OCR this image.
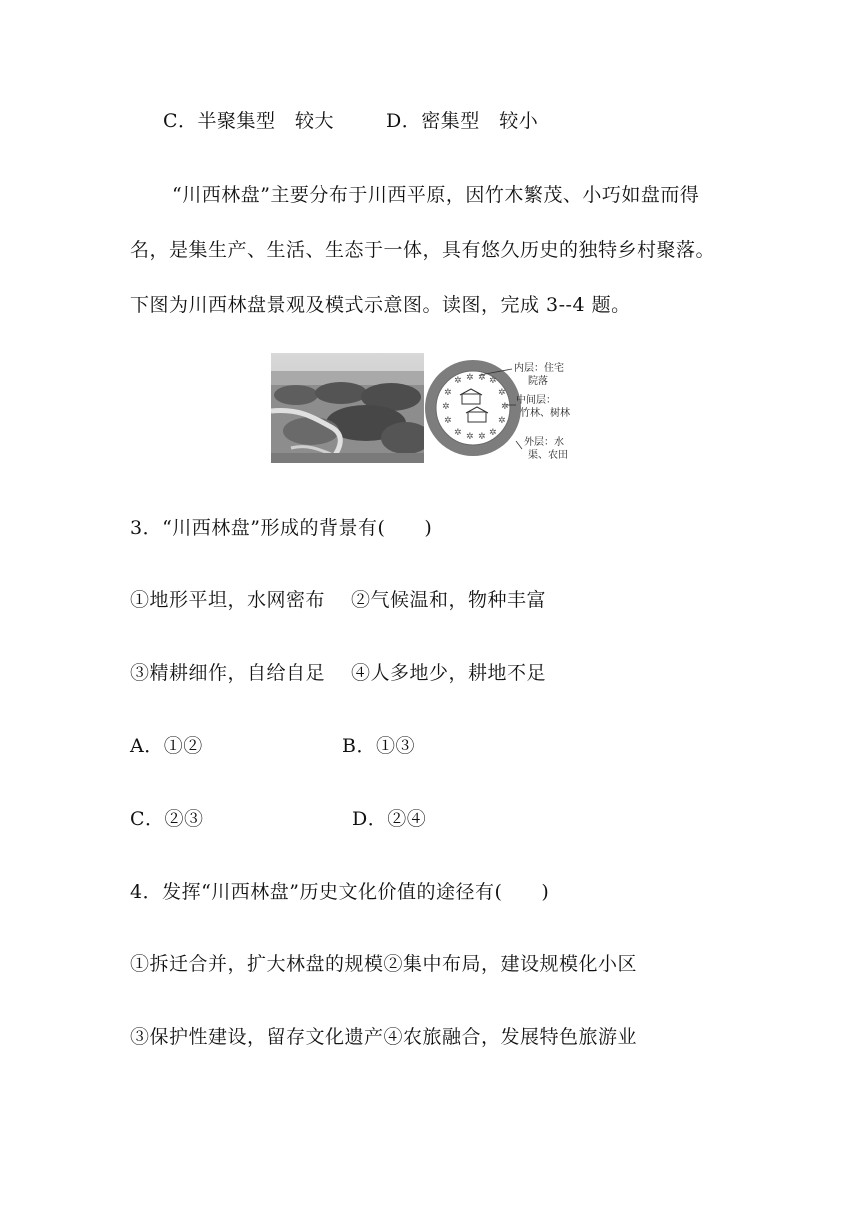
C．半聚集型　较大	D．密集型　较小
“川西林盘”主要分布于川西平原，因竹木繁茂、小巧如盘而得
名，是集生产、生活、生态于一体，具有悠久历史的独特乡村聚落。
下图为川西林盘景观及模式示意图。读图，完成 3--4 题。
✲ ✲ ✲ ✲
✲	✲
✲	✲
✲	✲
✲ ✲ ✲ ✲
内层：住宅
院落
中间层：
竹林、树林
外层：水
渠、农田
3．“川西林盘”形成的背景有(　　)
①地形平坦，水网密布　 ②气候温和，物种丰富
③精耕细作，自给自足　 ④人多地少，耕地不足
A．①②	B．①③
C．②③	D．②④
4．发挥“川西林盘”历史文化价值的途径有(　　)
①拆迁合并，扩大林盘的规模②集中布局，建设规模化小区
③保护性建设，留存文化遗产④农旅融合，发展特色旅游业
